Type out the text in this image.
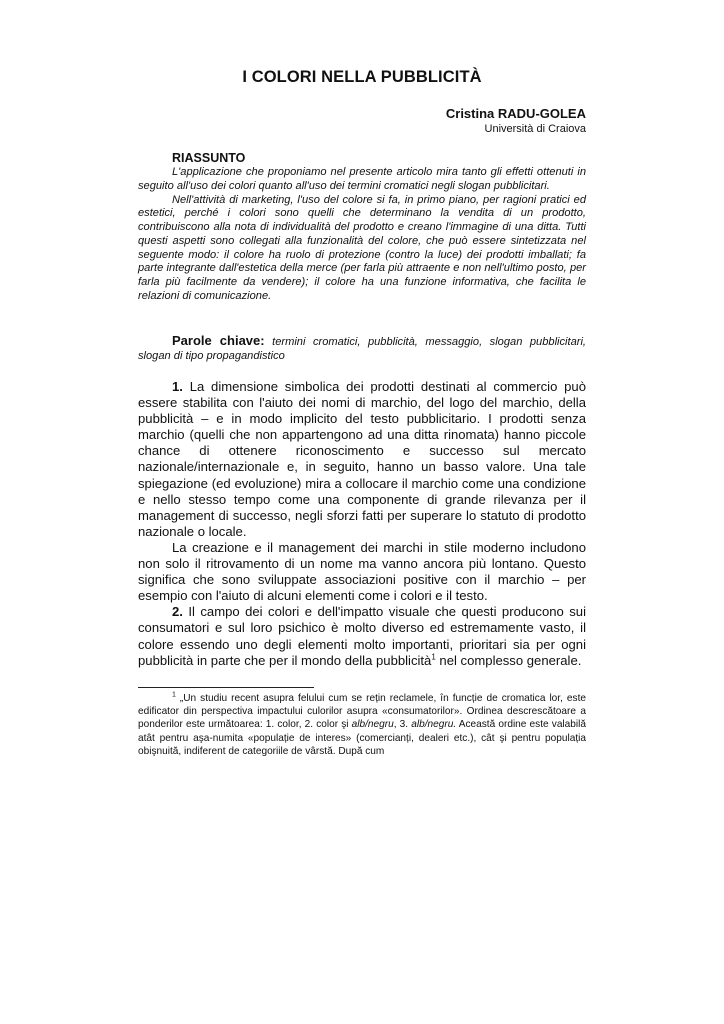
I COLORI NELLA PUBBLICITÀ
Cristina RADU-GOLEA
Università di Craiova
RIASSUNTO

L'applicazione che proponiamo nel presente articolo mira tanto gli effetti ottenuti in seguito all'uso dei colori quanto all'uso dei termini cromatici negli slogan pubblicitari.

Nell'attività di marketing, l'uso del colore si fa, in primo piano, per ragioni pratici ed estetici, perché i colori sono quelli che determinano la vendita di un prodotto, contribuiscono alla nota di individualità del prodotto e creano l'immagine di una ditta. Tutti questi aspetti sono collegati alla funzionalità del colore, che può essere sintetizzata nel seguente modo: il colore ha ruolo di protezione (contro la luce) dei prodotti imballati; fa parte integrante dall'estetica della merce (per farla più attraente e non nell'ultimo posto, per farla più facilmente da vendere); il colore ha una funzione informativa, che facilita le relazioni di comunicazione.

Parole chiave: termini cromatici, pubblicità, messaggio, slogan pubblicitari, slogan di tipo propagandistico

1. La dimensione simbolica dei prodotti destinati al commercio può essere stabilita con l'aiuto dei nomi di marchio, del logo del marchio, della pubblicità – e in modo implicito del testo pubblicitario. I prodotti senza marchio (quelli che non appartengono ad una ditta rinomata) hanno piccole chance di ottenere riconoscimento e successo sul mercato nazionale/internazionale e, in seguito, hanno un basso valore. Una tale spiegazione (ed evoluzione) mira a collocare il marchio come una condizione e nello stesso tempo come una componente di grande rilevanza per il management di successo, negli sforzi fatti per superare lo statuto di prodotto nazionale o locale.

La creazione e il management dei marchi in stile moderno includono non solo il ritrovamento di un nome ma vanno ancora più lontano. Questo significa che sono sviluppate associazioni positive con il marchio – per esempio con l'aiuto di alcuni elementi come i colori e il testo.

2. Il campo dei colori e dell'impatto visuale che questi producono sui consumatori e sul loro psichico è molto diverso ed estremamente vasto, il colore essendo uno degli elementi molto importanti, prioritari sia per ogni pubblicità in parte che per il mondo della pubblicità$^1$ nel complesso generale.

$^1$ „Un studiu recent asupra felului cum se rețin reclamele, în funcție de cromatica lor, este edificator din perspectiva impactului culorilor asupra «consumatorilor». Ordinea descrescătoare a ponderilor este următoarea: 1. color, 2. color şi alb/negru, 3. alb/negru. Această ordine este valabilă atât pentru aşa-numita «populație de interes» (comercianți, dealeri etc.), cât şi pentru populația obişnuită, indiferent de categoriile de vârstă. După cum
